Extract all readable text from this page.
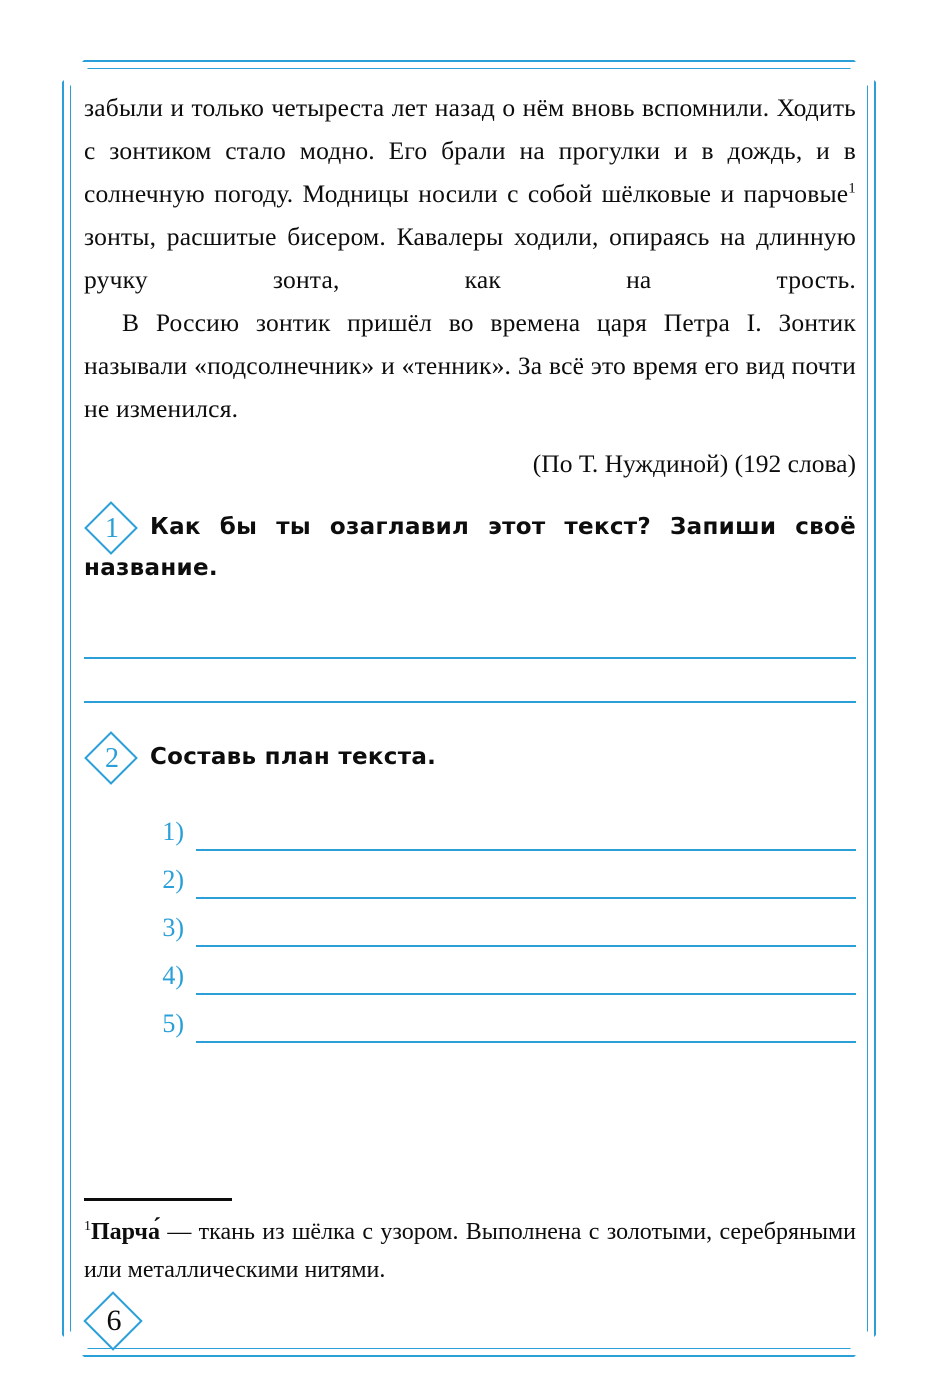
забыли и только четыреста лет назад о нём вновь вспомнили. Ходить с зонтиком стало модно. Его брали на прогулки и в дождь, и в солнечную погоду. Модницы носили с собой шёлковые и парчовые$^1$ зонты, расшитые бисером. Кавалеры ходили, опираясь на длинную ручку зонта, как на трость.

В Россию зонтик пришёл во времена царя Петра I. Зонтик называли «подсолнечник» и «тенник». За всё это время его вид почти не изменился.

(По Т. Нуждиной) (192 слова)

1	Как бы ты озаглавил этот текст? Запиши своё название.
2	Составь план текста.
1)
2)
3)
4)
5)
$^1$Парча́ — ткань из шёлка с узором. Выполнена с золотыми, серебряными или металлическими нитями.
6
